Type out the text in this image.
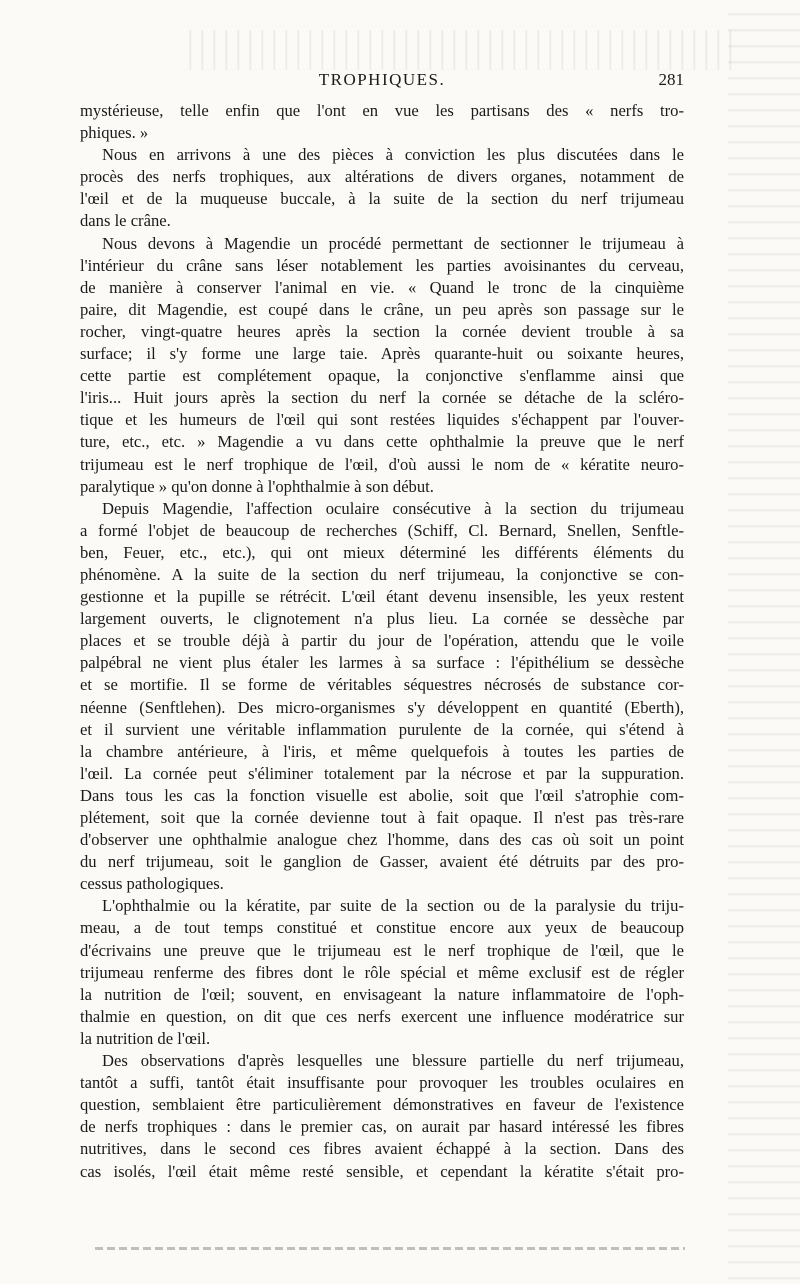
TROPHIQUES.	281
mystérieuse, telle enfin que l'ont en vue les partisans des « nerfs tro-
phiques. »
Nous en arrivons à une des pièces à conviction les plus discutées dans le
procès des nerfs trophiques, aux altérations de divers organes, notamment de
l'œil et de la muqueuse buccale, à la suite de la section du nerf trijumeau
dans le crâne.
Nous devons à Magendie un procédé permettant de sectionner le trijumeau à
l'intérieur du crâne sans léser notablement les parties avoisinantes du cerveau,
de manière à conserver l'animal en vie. « Quand le tronc de la cinquième
paire, dit Magendie, est coupé dans le crâne, un peu après son passage sur le
rocher, vingt-quatre heures après la section la cornée devient trouble à sa
surface; il s'y forme une large taie. Après quarante-huit ou soixante heures,
cette partie est complétement opaque, la conjonctive s'enflamme ainsi que
l'iris... Huit jours après la section du nerf la cornée se détache de la scléro-
tique et les humeurs de l'œil qui sont restées liquides s'échappent par l'ouver-
ture, etc., etc. » Magendie a vu dans cette ophthalmie la preuve que le nerf
trijumeau est le nerf trophique de l'œil, d'où aussi le nom de « kératite neuro-
paralytique » qu'on donne à l'ophthalmie à son début.
Depuis Magendie, l'affection oculaire consécutive à la section du trijumeau
a formé l'objet de beaucoup de recherches (Schiff, Cl. Bernard, Snellen, Senftle-
ben, Feuer, etc., etc.), qui ont mieux déterminé les différents éléments du
phénomène. A la suite de la section du nerf trijumeau, la conjonctive se con-
gestionne et la pupille se rétrécit. L'œil étant devenu insensible, les yeux restent
largement ouverts, le clignotement n'a plus lieu. La cornée se dessèche par
places et se trouble déjà à partir du jour de l'opération, attendu que le voile
palpébral ne vient plus étaler les larmes à sa surface : l'épithélium se dessèche
et se mortifie. Il se forme de véritables séquestres nécrosés de substance cor-
néenne (Senftlehen). Des micro-organismes s'y développent en quantité (Eberth),
et il survient une véritable inflammation purulente de la cornée, qui s'étend à
la chambre antérieure, à l'iris, et même quelquefois à toutes les parties de
l'œil. La cornée peut s'éliminer totalement par la nécrose et par la suppuration.
Dans tous les cas la fonction visuelle est abolie, soit que l'œil s'atrophie com-
plétement, soit que la cornée devienne tout à fait opaque. Il n'est pas très-rare
d'observer une ophthalmie analogue chez l'homme, dans des cas où soit un point
du nerf trijumeau, soit le ganglion de Gasser, avaient été détruits par des pro-
cessus pathologiques.
L'ophthalmie ou la kératite, par suite de la section ou de la paralysie du triju-
meau, a de tout temps constitué et constitue encore aux yeux de beaucoup
d'écrivains une preuve que le trijumeau est le nerf trophique de l'œil, que le
trijumeau renferme des fibres dont le rôle spécial et même exclusif est de régler
la nutrition de l'œil; souvent, en envisageant la nature inflammatoire de l'oph-
thalmie en question, on dit que ces nerfs exercent une influence modératrice sur
la nutrition de l'œil.
Des observations d'après lesquelles une blessure partielle du nerf trijumeau,
tantôt a suffi, tantôt était insuffisante pour provoquer les troubles oculaires en
question, semblaient être particulièrement démonstratives en faveur de l'existence
de nerfs trophiques : dans le premier cas, on aurait par hasard intéressé les fibres
nutritives, dans le second ces fibres avaient échappé à la section. Dans des
cas isolés, l'œil était même resté sensible, et cependant la kératite s'était pro-
